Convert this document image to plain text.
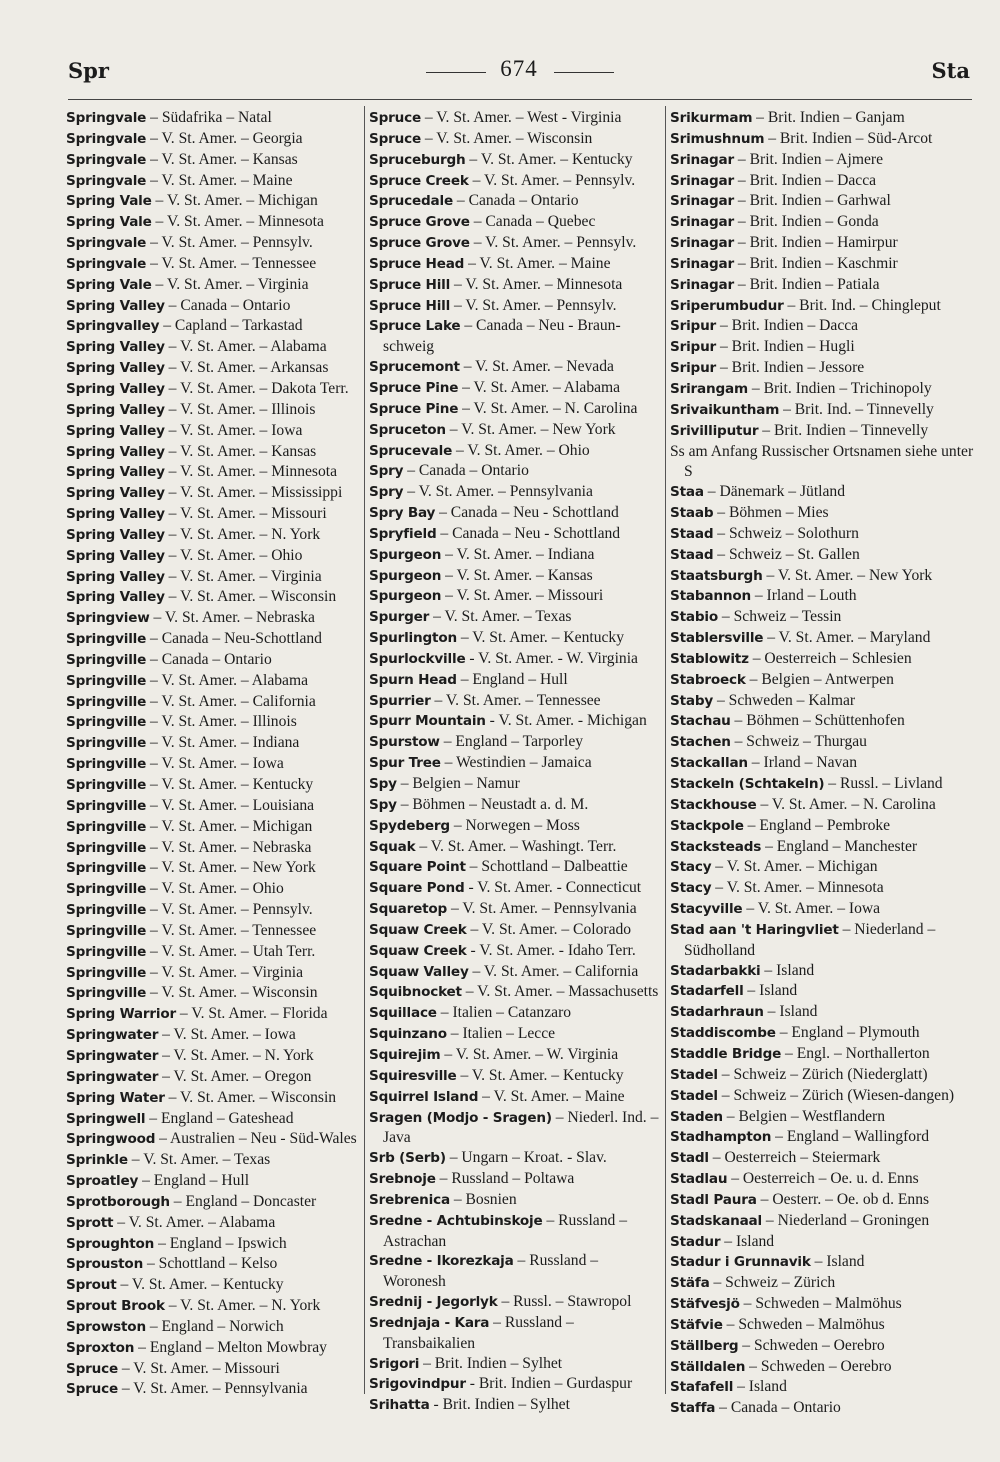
Spr	674	Sta
Springvale – Südafrika – Natal
Springvale – V. St. Amer. – Georgia
Springvale – V. St. Amer. – Kansas
Springvale – V. St. Amer. – Maine
Spring Vale – V. St. Amer. – Michigan
Spring Vale – V. St. Amer. – Minnesota
Springvale – V. St. Amer. – Pennsylv.
Springvale – V. St. Amer. – Tennessee
Spring Vale – V. St. Amer. – Virginia
Spring Valley – Canada – Ontario
Springvalley – Capland – Tarkastad
Spring Valley – V. St. Amer. – Alabama
Spring Valley – V. St. Amer. – Arkansas
Spring Valley – V. St. Amer. – Dakota Terr.
Spring Valley – V. St. Amer. – Illinois
Spring Valley – V. St. Amer. – Iowa
Spring Valley – V. St. Amer. – Kansas
Spring Valley – V. St. Amer. – Minnesota
Spring Valley – V. St. Amer. – Mississippi
Spring Valley – V. St. Amer. – Missouri
Spring Valley – V. St. Amer. – N. York
Spring Valley – V. St. Amer. – Ohio
Spring Valley – V. St. Amer. – Virginia
Spring Valley – V. St. Amer. – Wisconsin
Springview – V. St. Amer. – Nebraska
Springville – Canada – Neu-Schottland
Springville – Canada – Ontario
Springville – V. St. Amer. – Alabama
Springville – V. St. Amer. – California
Springville – V. St. Amer. – Illinois
Springville – V. St. Amer. – Indiana
Springville – V. St. Amer. – Iowa
Springville – V. St. Amer. – Kentucky
Springville – V. St. Amer. – Louisiana
Springville – V. St. Amer. – Michigan
Springville – V. St. Amer. – Nebraska
Springville – V. St. Amer. – New York
Springville – V. St. Amer. – Ohio
Springville – V. St. Amer. – Pennsylv.
Springville – V. St. Amer. – Tennessee
Springville – V. St. Amer. – Utah Terr.
Springville – V. St. Amer. – Virginia
Springville – V. St. Amer. – Wisconsin
Spring Warrior – V. St. Amer. – Florida
Springwater – V. St. Amer. – Iowa
Springwater – V. St. Amer. – N. York
Springwater – V. St. Amer. – Oregon
Spring Water – V. St. Amer. – Wisconsin
Springwell – England – Gateshead
Springwood – Australien – Neu - Süd-Wales
Sprinkle – V. St. Amer. – Texas
Sproatley – England – Hull
Sprotborough – England – Doncaster
Sprott – V. St. Amer. – Alabama
Sproughton – England – Ipswich
Sprouston – Schottland – Kelso
Sprout – V. St. Amer. – Kentucky
Sprout Brook – V. St. Amer. – N. York
Sprowston – England – Norwich
Sproxton – England – Melton Mowbray
Spruce – V. St. Amer. – Missouri
Spruce – V. St. Amer. – Pennsylvania
Spruce – V. St. Amer. – West - Virginia
Spruce – V. St. Amer. – Wisconsin
Spruceburgh – V. St. Amer. – Kentucky
Spruce Creek – V. St. Amer. – Pennsylv.
Sprucedale – Canada – Ontario
Spruce Grove – Canada – Quebec
Spruce Grove – V. St. Amer. – Pennsylv.
Spruce Head – V. St. Amer. – Maine
Spruce Hill – V. St. Amer. – Minnesota
Spruce Hill – V. St. Amer. – Pennsylv.
Spruce Lake – Canada – Neu - Braun-schweig
Sprucemont – V. St. Amer. – Nevada
Spruce Pine – V. St. Amer. – Alabama
Spruce Pine – V. St. Amer. – N. Carolina
Spruceton – V. St. Amer. – New York
Sprucevale – V. St. Amer. – Ohio
Spry – Canada – Ontario
Spry – V. St. Amer. – Pennsylvania
Spry Bay – Canada – Neu - Schottland
Spryfield – Canada – Neu - Schottland
Spurgeon – V. St. Amer. – Indiana
Spurgeon – V. St. Amer. – Kansas
Spurgeon – V. St. Amer. – Missouri
Spurger – V. St. Amer. – Texas
Spurlington – V. St. Amer. – Kentucky
Spurlockville - V. St. Amer. - W. Virginia
Spurn Head – England – Hull
Spurrier – V. St. Amer. – Tennessee
Spurr Mountain - V. St. Amer. - Michigan
Spurstow – England – Tarporley
Spur Tree – Westindien – Jamaica
Spy – Belgien – Namur
Spy – Böhmen – Neustadt a. d. M.
Spydeberg – Norwegen – Moss
Squak – V. St. Amer. – Washingt. Terr.
Square Point – Schottland – Dalbeattie
Square Pond - V. St. Amer. - Connecticut
Squaretop – V. St. Amer. – Pennsylvania
Squaw Creek – V. St. Amer. – Colorado
Squaw Creek - V. St. Amer. - Idaho Terr.
Squaw Valley – V. St. Amer. – California
Squibnocket – V. St. Amer. – Massachusetts
Squillace – Italien – Catanzaro
Squinzano – Italien – Lecce
Squirejim – V. St. Amer. – W. Virginia
Squiresville – V. St. Amer. – Kentucky
Squirrel Island – V. St. Amer. – Maine
Sragen (Modjo - Sragen) – Niederl. Ind. – Java
Srb (Serb) – Ungarn – Kroat. - Slav.
Srebnoje – Russland – Poltawa
Srebrenica – Bosnien
Sredne - Achtubinskoje – Russland – Astrachan
Sredne - Ikorezkaja – Russland – Woronesh
Srednij - Jegorlyk – Russl. – Stawropol
Srednjaja - Kara – Russland – Transbaikalien
Srigori – Brit. Indien – Sylhet
Srigovindpur - Brit. Indien – Gurdaspur
Srihatta - Brit. Indien – Sylhet
Srikurmam – Brit. Indien – Ganjam
Srimushnum – Brit. Indien – Süd-Arcot
Srinagar – Brit. Indien – Ajmere
Srinagar – Brit. Indien – Dacca
Srinagar – Brit. Indien – Garhwal
Srinagar – Brit. Indien – Gonda
Srinagar – Brit. Indien – Hamirpur
Srinagar – Brit. Indien – Kaschmir
Srinagar – Brit. Indien – Patiala
Sriperumbudur – Brit. Ind. – Chingleput
Sripur – Brit. Indien – Dacca
Sripur – Brit. Indien – Hugli
Sripur – Brit. Indien – Jessore
Srirangam – Brit. Indien – Trichinopoly
Srivaikuntham – Brit. Ind. – Tinnevelly
Srivilliputur – Brit. Indien – Tinnevelly
Ss am Anfang Russischer Ortsnamen siehe unter S
Staa – Dänemark – Jütland
Staab – Böhmen – Mies
Staad – Schweiz – Solothurn
Staad – Schweiz – St. Gallen
Staatsburgh – V. St. Amer. – New York
Stabannon – Irland – Louth
Stabio – Schweiz – Tessin
Stablersville – V. St. Amer. – Maryland
Stablowitz – Oesterreich – Schlesien
Stabroeck – Belgien – Antwerpen
Staby – Schweden – Kalmar
Stachau – Böhmen – Schüttenhofen
Stachen – Schweiz – Thurgau
Stackallan – Irland – Navan
Stackeln (Schtakeln) – Russl. – Livland
Stackhouse – V. St. Amer. – N. Carolina
Stackpole – England – Pembroke
Stacksteads – England – Manchester
Stacy – V. St. Amer. – Michigan
Stacy – V. St. Amer. – Minnesota
Stacyville – V. St. Amer. – Iowa
Stad aan 't Haringvliet – Niederland – Südholland
Stadarbakki – Island
Stadarfell – Island
Stadarhraun – Island
Staddiscombe – England – Plymouth
Staddle Bridge – Engl. – Northallerton
Stadel – Schweiz – Zürich (Niederglatt)
Stadel – Schweiz – Zürich (Wiesen-dangen)
Staden – Belgien – Westflandern
Stadhampton – England – Wallingford
Stadl – Oesterreich – Steiermark
Stadlau – Oesterreich – Oe. u. d. Enns
Stadl Paura – Oesterr. – Oe. ob d. Enns
Stadskanaal – Niederland – Groningen
Stadur – Island
Stadur i Grunnavik – Island
Stäfa – Schweiz – Zürich
Stäfvesjö – Schweden – Malmöhus
Stäfvie – Schweden – Malmöhus
Ställberg – Schweden – Oerebro
Ställdalen – Schweden – Oerebro
Stafafell – Island
Staffa – Canada – Ontario
